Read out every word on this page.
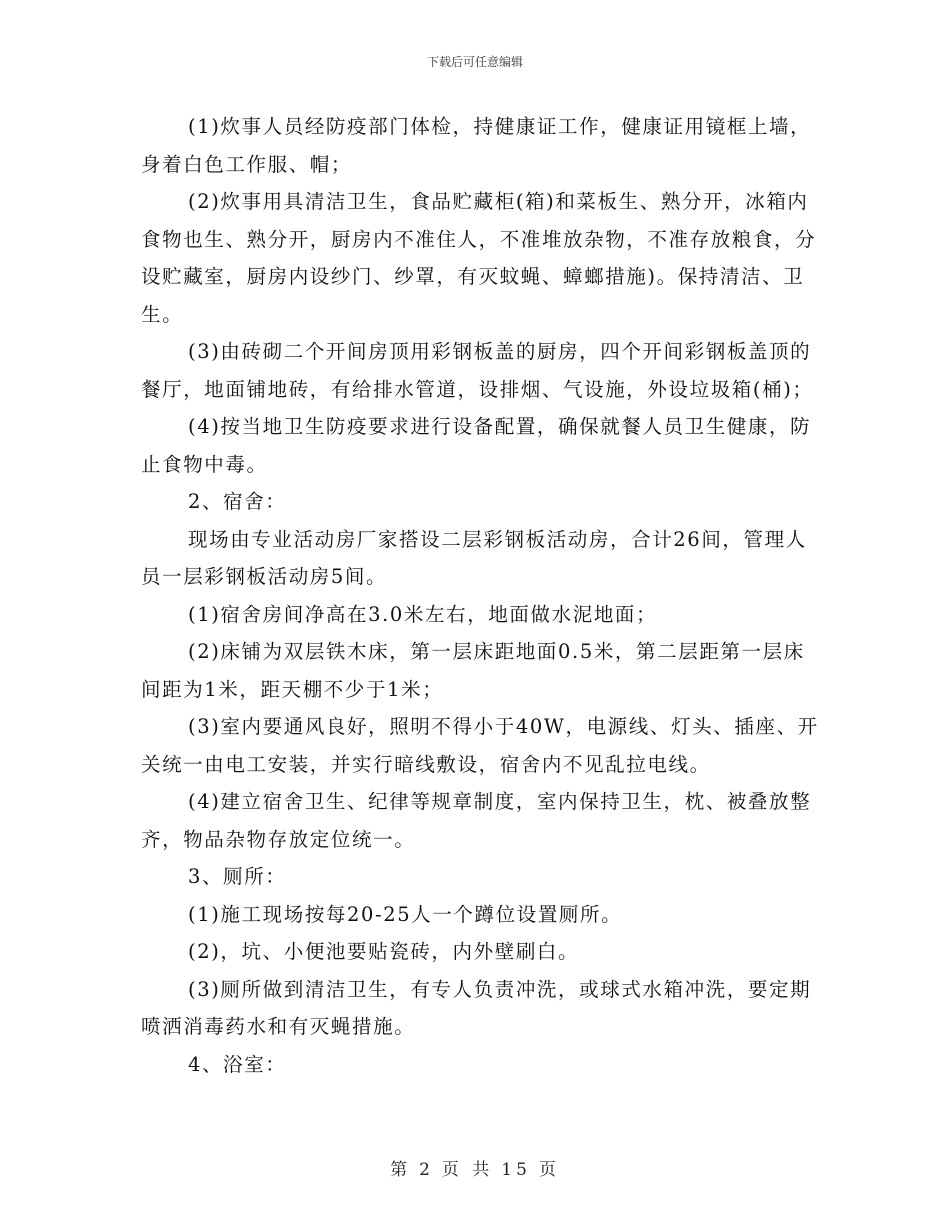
下载后可任意编辑

(1)炊事人员经防疫部门体检，持健康证工作，健康证用镜框上墙，身着白色工作服、帽；

(2)炊事用具清洁卫生，食品贮藏柜(箱)和菜板生、熟分开，冰箱内食物也生、熟分开，厨房内不准住人，不准堆放杂物，不准存放粮食，分设贮藏室，厨房内设纱门、纱罩，有灭蚊蝇、蟑螂措施)。保持清洁、卫生。

(3)由砖砌二个开间房顶用彩钢板盖的厨房，四个开间彩钢板盖顶的餐厅，地面铺地砖，有给排水管道，设排烟、气设施，外设垃圾箱(桶)；

(4)按当地卫生防疫要求进行设备配置，确保就餐人员卫生健康，防止食物中毒。

2、宿舍：

现场由专业活动房厂家搭设二层彩钢板活动房，合计26间，管理人员一层彩钢板活动房5间。

(1)宿舍房间净高在3.0米左右，地面做水泥地面；

(2)床铺为双层铁木床，第一层床距地面0.5米，第二层距第一层床间距为1米，距天棚不少于1米；

(3)室内要通风良好，照明不得小于40W，电源线、灯头、插座、开关统一由电工安装，并实行暗线敷设，宿舍内不见乱拉电线。

(4)建立宿舍卫生、纪律等规章制度，室内保持卫生，枕、被叠放整齐，物品杂物存放定位统一。

3、厕所：

(1)施工现场按每20-25人一个蹲位设置厕所。

(2)，坑、小便池要贴瓷砖，内外壁刷白。

(3)厕所做到清洁卫生，有专人负责冲洗，或球式水箱冲洗，要定期喷洒消毒药水和有灭蝇措施。

4、浴室：

第 2 页 共 15 页
